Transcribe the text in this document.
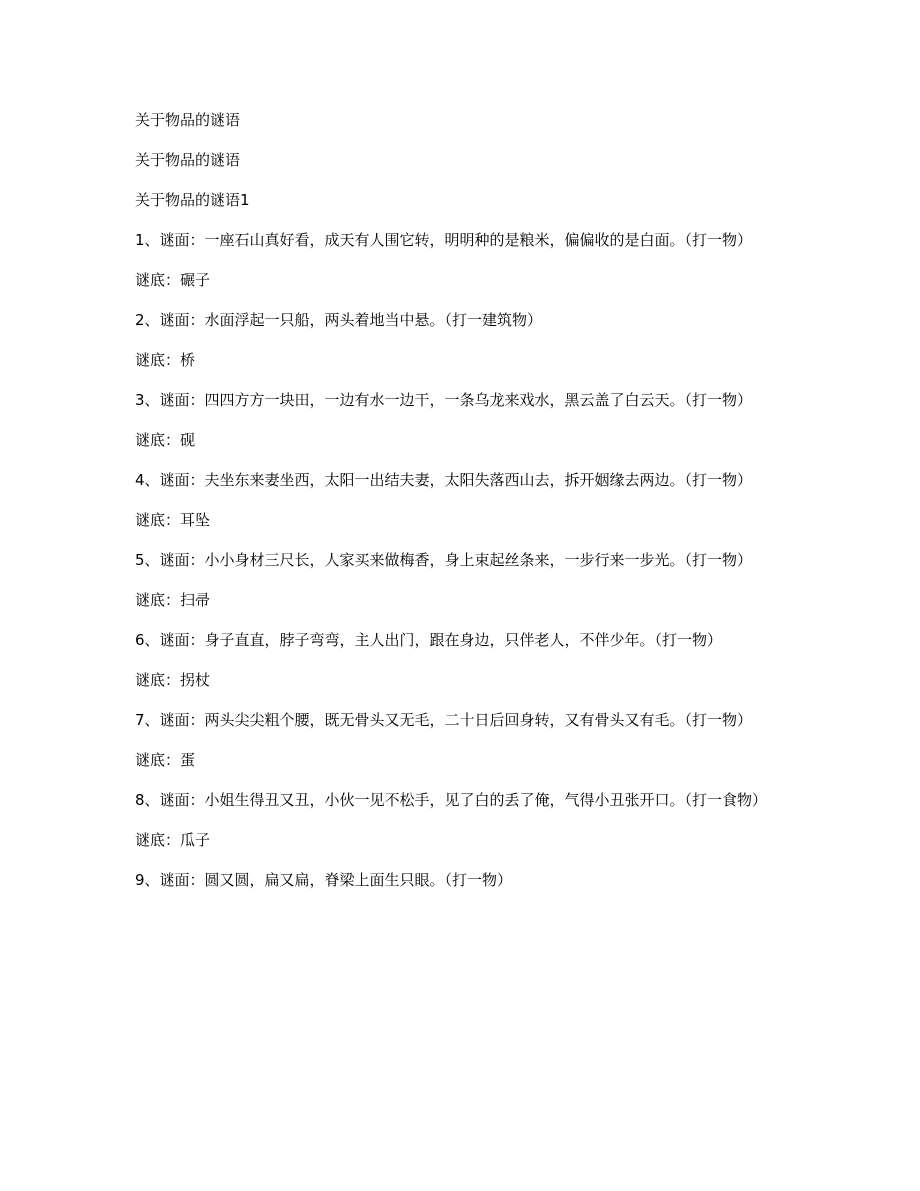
关于物品的谜语

关于物品的谜语

关于物品的谜语1

1、谜面：一座石山真好看，成天有人围它转，明明种的是粮米，偏偏收的是白面。（打一物）

谜底：碾子

2、谜面：水面浮起一只船，两头着地当中悬。（打一建筑物）

谜底：桥

3、谜面：四四方方一块田，一边有水一边干，一条乌龙来戏水，黑云盖了白云天。（打一物）

谜底：砚

4、谜面：夫坐东来妻坐西，太阳一出结夫妻，太阳失落西山去，拆开姻缘去两边。（打一物）

谜底：耳坠

5、谜面：小小身材三尺长，人家买来做梅香，身上束起丝条来，一步行来一步光。（打一物）

谜底：扫帚

6、谜面：身子直直，脖子弯弯，主人出门，跟在身边，只伴老人，不伴少年。（打一物）

谜底：拐杖

7、谜面：两头尖尖粗个腰，既无骨头又无毛，二十日后回身转，又有骨头又有毛。（打一物）

谜底：蛋

8、谜面：小姐生得丑又丑，小伙一见不松手，见了白的丢了俺，气得小丑张开口。（打一食物）

谜底：瓜子

9、谜面：圆又圆，扁又扁，脊梁上面生只眼。（打一物）
